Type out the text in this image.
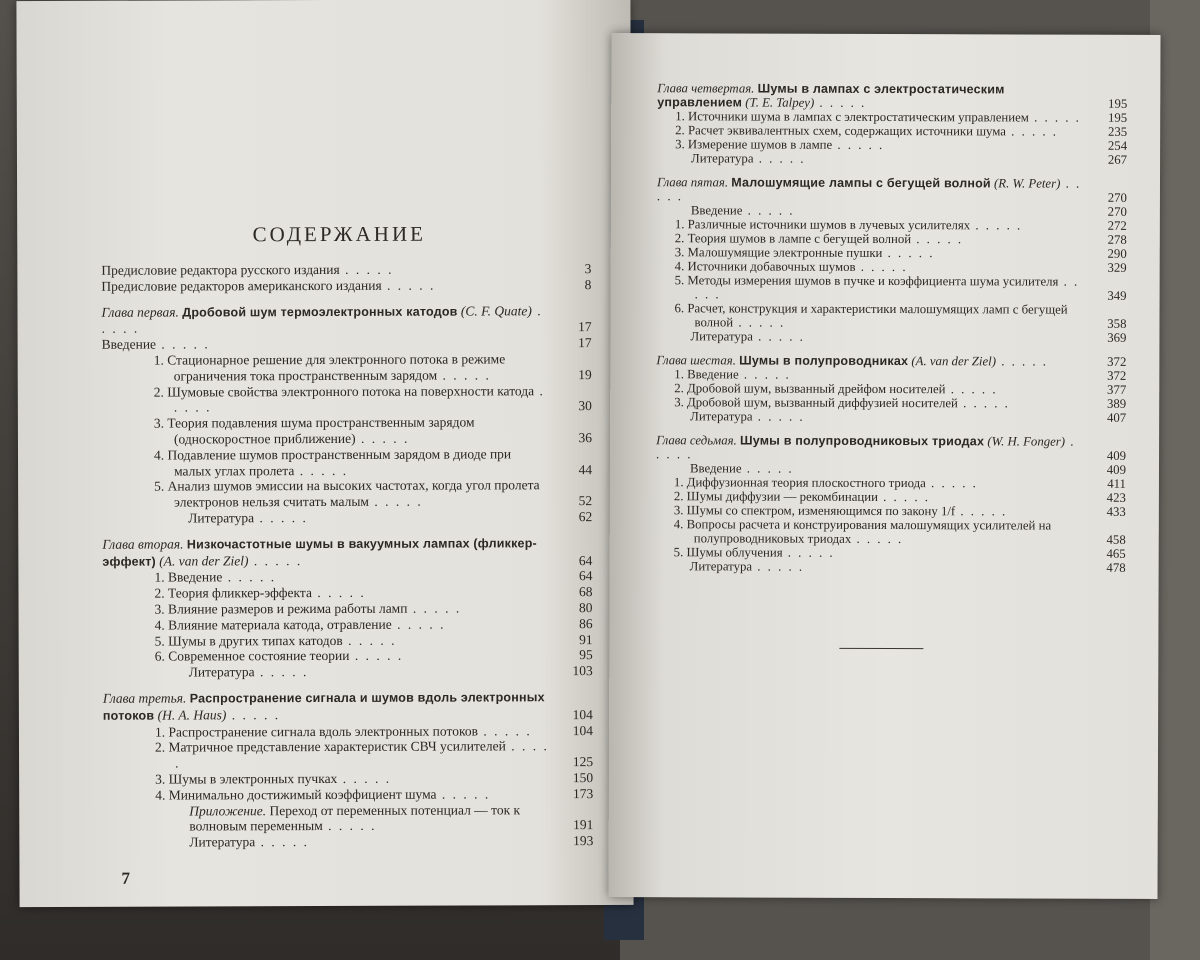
СОДЕРЖАНИЕ
Предисловие редактора русского издания . . . . .	3
Предисловие редакторов американского издания . . . . .	8
Глава первая. Дробовой шум термоэлектронных катодов (C. F. Quate) . . . . .	17
Введение . . . . .	17
1. Стационарное решение для электронного потока в режиме ограничения тока пространственным зарядом . . . . .	19
2. Шумовые свойства электронного потока на поверхности катода . . . . .	30
3. Теория подавления шума пространственным зарядом (односкоростное приближение) . . . . .	36
4. Подавление шумов пространственным зарядом в диоде при малых углах пролета . . . . .	44
5. Анализ шумов эмиссии на высоких частотах, когда угол пролета электронов нельзя считать малым . . . . .	52
Литература . . . . .	62
Глава вторая. Низкочастотные шумы в вакуумных лампах (фликкер-эффект) (A. van der Ziel) . . . . .	64
1. Введение . . . . .	64
2. Теория фликкер-эффекта . . . . .	68
3. Влияние размеров и режима работы ламп . . . . .	80
4. Влияние материала катода, отравление . . . . .	86
5. Шумы в других типах катодов . . . . .	91
6. Современное состояние теории . . . . .	95
Литература . . . . .	103
Глава третья. Распространение сигнала и шумов вдоль электронных потоков (H. A. Haus) . . . . .	104
1. Распространение сигнала вдоль электронных потоков . . . . .	104
2. Матричное представление характеристик СВЧ усилителей . . . . .	125
3. Шумы в электронных пучках . . . . .	150
4. Минимально достижимый коэффициент шума . . . . .	173
Приложение. Переход от переменных потенциал — ток к волновым переменным . . . . .	191
Литература . . . . .	193
7
Глава четвертая. Шумы в лампах с электростатическим управлением (T. E. Talpey) . . . . .	195
1. Источники шума в лампах с электростатическим управлением . . . . .	195
2. Расчет эквивалентных схем, содержащих источники шума . . . . .	235
3. Измерение шумов в лампе . . . . .	254
Литература . . . . .	267
Глава пятая. Малошумящие лампы с бегущей волной (R. W. Peter) . . . . .	270
Введение . . . . .	270
1. Различные источники шумов в лучевых усилителях . . . . .	272
2. Теория шумов в лампе с бегущей волной . . . . .	278
3. Малошумящие электронные пушки . . . . .	290
4. Источники добавочных шумов . . . . .	329
5. Методы измерения шумов в пучке и коэффициента шума усилителя . . . . .	349
6. Расчет, конструкция и характеристики малошумящих ламп с бегущей волной . . . . .	358
Литература . . . . .	369
Глава шестая. Шумы в полупроводниках (A. van der Ziel) . . . . .	372
1. Введение . . . . .	372
2. Дробовой шум, вызванный дрейфом носителей . . . . .	377
3. Дробовой шум, вызванный диффузией носителей . . . . .	389
Литература . . . . .	407
Глава седьмая. Шумы в полупроводниковых триодах (W. H. Fonger) . . . . .	409
Введение . . . . .	409
1. Диффузионная теория плоскостного триода . . . . .	411
2. Шумы диффузии — рекомбинации . . . . .	423
3. Шумы со спектром, изменяющимся по закону 1/f . . . . .	433
4. Вопросы расчета и конструирования малошумящих усилителей на полупроводниковых триодах . . . . .	458
5. Шумы облучения . . . . .	465
Литература . . . . .	478
